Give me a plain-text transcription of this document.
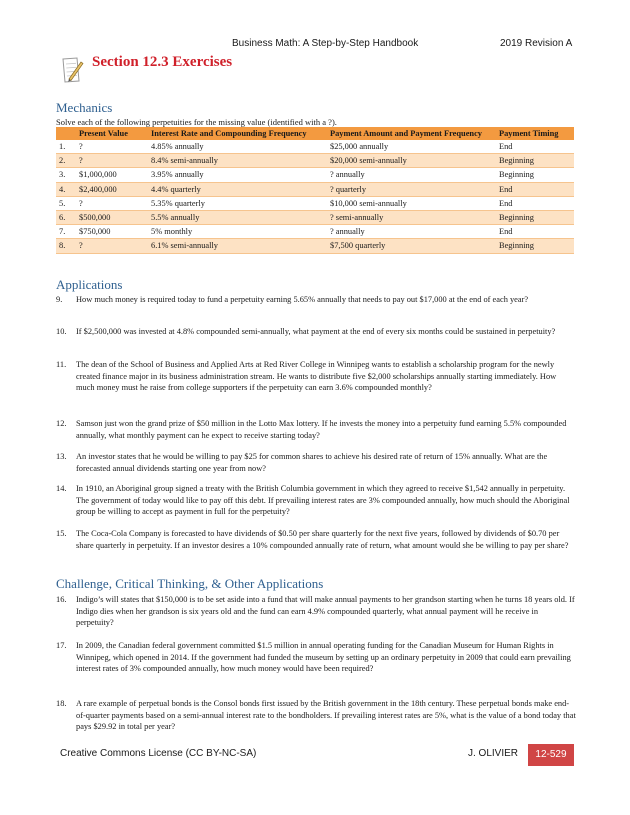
Business Math: A Step-by-Step Handbook	2019 Revision A
Section 12.3 Exercises
Mechanics
Solve each of the following perpetuities for the missing value (identified with a ?).
	Present Value	Interest Rate and Compounding Frequency	Payment Amount and Payment Frequency	Payment Timing
1.	?	4.85% annually	$25,000 annually	End
2.	?	8.4% semi-annually	$20,000 semi-annually	Beginning
3.	$1,000,000	3.95% annually	? annually	Beginning
4.	$2,400,000	4.4% quarterly	? quarterly	End
5.	?	5.35% quarterly	$10,000 semi-annually	End
6.	$500,000	5.5% annually	? semi-annually	Beginning
7.	$750,000	5% monthly	? annually	End
8.	?	6.1% semi-annually	$7,500 quarterly	Beginning
Applications
9.	How much money is required today to fund a perpetuity earning 5.65% annually that needs to pay out $17,000 at the end of each year?
10.	If $2,500,000 was invested at 4.8% compounded semi-annually, what payment at the end of every six months could be sustained in perpetuity?
11.	The dean of the School of Business and Applied Arts at Red River College in Winnipeg wants to establish a scholarship program for the newly created finance major in its business administration stream. He wants to distribute five $2,000 scholarships annually starting immediately. How much money must he raise from college supporters if the perpetuity can earn 3.6% compounded monthly?
12.	Samson just won the grand prize of $50 million in the Lotto Max lottery. If he invests the money into a perpetuity fund earning 5.5% compounded annually, what monthly payment can he expect to receive starting today?
13.	An investor states that he would be willing to pay $25 for common shares to achieve his desired rate of return of 15% annually. What are the forecasted annual dividends starting one year from now?
14.	In 1910, an Aboriginal group signed a treaty with the British Columbia government in which they agreed to receive $1,542 annually in perpetuity. The government of today would like to pay off this debt. If prevailing interest rates are 3% compounded annually, how much should the Aboriginal group be willing to accept as payment in full for the perpetuity?
15.	The Coca-Cola Company is forecasted to have dividends of $0.50 per share quarterly for the next five years, followed by dividends of $0.70 per share quarterly in perpetuity. If an investor desires a 10% compounded annually rate of return, what amount would she be willing to pay per share?
Challenge, Critical Thinking, & Other Applications
16.	Indigo’s will states that $150,000 is to be set aside into a fund that will make annual payments to her grandson starting when he turns 18 years old. If Indigo dies when her grandson is six years old and the fund can earn 4.9% compounded quarterly, what annual payment will he receive in perpetuity?
17.	In 2009, the Canadian federal government committed $1.5 million in annual operating funding for the Canadian Museum for Human Rights in Winnipeg, which opened in 2014. If the government had funded the museum by setting up an ordinary perpetuity in 2009 that could earn prevailing interest rates of 3% compounded annually, how much money would have been required?
18.	A rare example of perpetual bonds is the Consol bonds first issued by the British government in the 18th century. These perpetual bonds make end-of-quarter payments based on a semi-annual interest rate to the bondholders. If prevailing interest rates are 5%, what is the value of a bond today that pays $29.92 in total per year?
Creative Commons License (CC BY-NC-SA)	J. OLIVIER	12-529
